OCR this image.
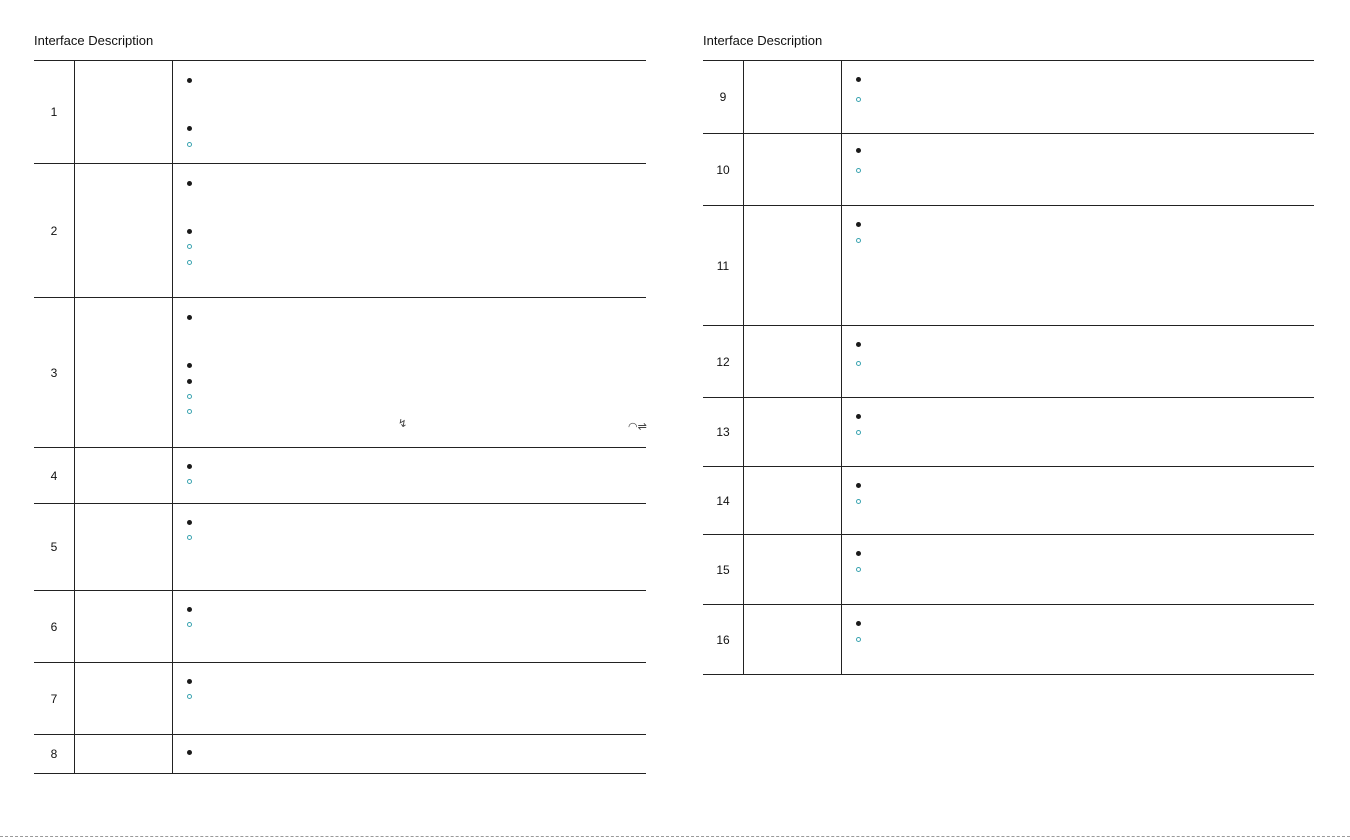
Interface Description
1
2
3
↯	◠⇌
4
5
6
7
8
Interface Description
9
10
11
12
13
14
15
16
